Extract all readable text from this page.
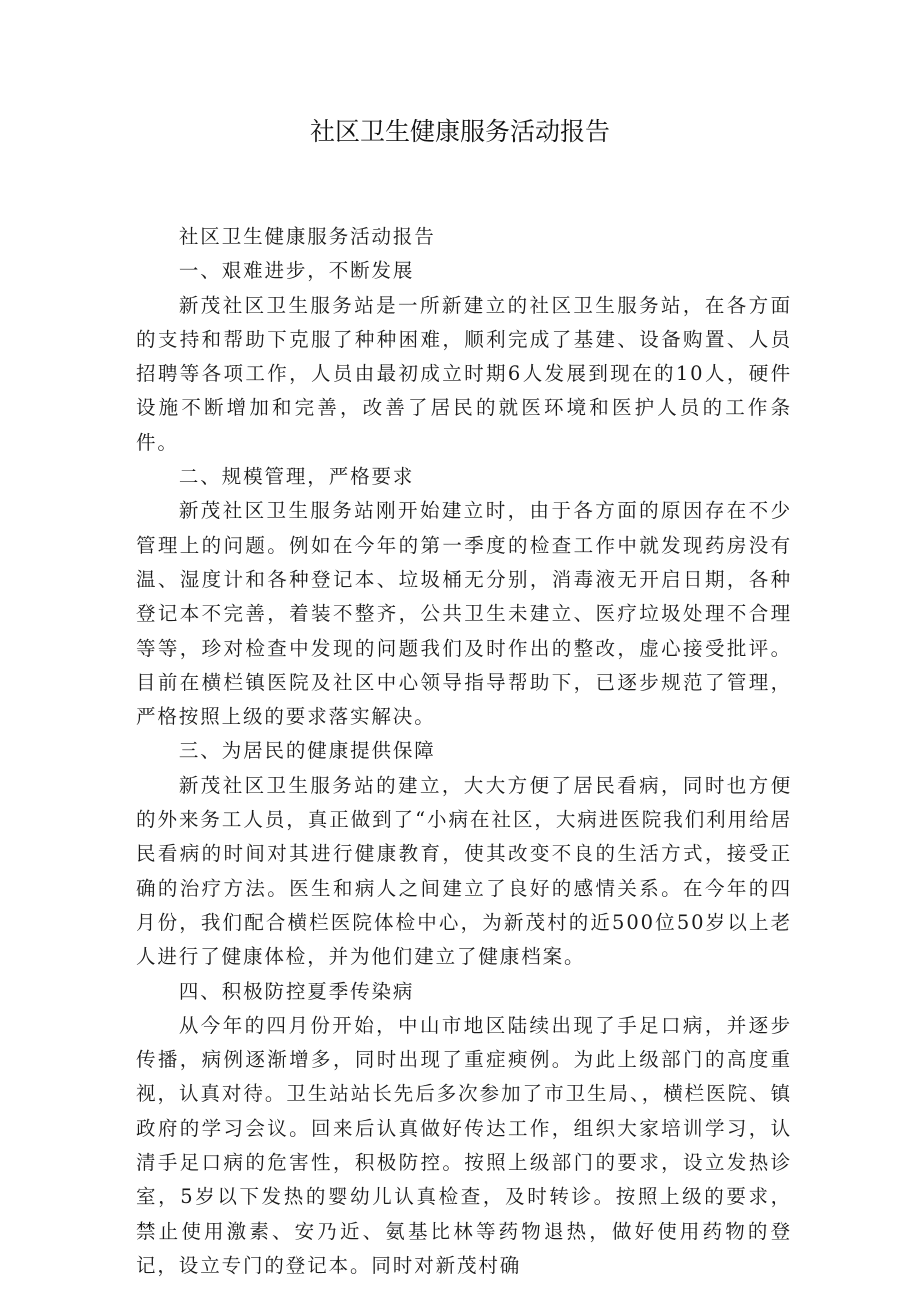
社区卫生健康服务活动报告

社区卫生健康服务活动报告

一、艰难进步，不断发展

新茂社区卫生服务站是一所新建立的社区卫生服务站，在各方面的支持和帮助下克服了种种困难，顺利完成了基建、设备购置、人员招聘等各项工作，人员由最初成立时期6人发展到现在的10人，硬件设施不断增加和完善，改善了居民的就医环境和医护人员的工作条件。

二、规模管理，严格要求

新茂社区卫生服务站刚开始建立时，由于各方面的原因存在不少管理上的问题。例如在今年的第一季度的检查工作中就发现药房没有温、湿度计和各种登记本、垃圾桶无分别，消毒液无开启日期，各种登记本不完善，着装不整齐，公共卫生未建立、医疗垃圾处理不合理等等，珍对检查中发现的问题我们及时作出的整改，虚心接受批评。目前在横栏镇医院及社区中心领导指导帮助下，已逐步规范了管理，严格按照上级的要求落实解决。

三、为居民的健康提供保障

新茂社区卫生服务站的建立，大大方便了居民看病，同时也方便的外来务工人员，真正做到了“小病在社区，大病进医院我们利用给居民看病的时间对其进行健康教育，使其改变不良的生活方式，接受正确的治疗方法。医生和病人之间建立了良好的感情关系。在今年的四月份，我们配合横栏医院体检中心，为新茂村的近500位50岁以上老人进行了健康体检，并为他们建立了健康档案。

四、积极防控夏季传染病

从今年的四月份开始，中山市地区陆续出现了手足口病，并逐步传播，病例逐渐增多，同时出现了重症瘐例。为此上级部门的高度重视，认真对待。卫生站站长先后多次参加了市卫生局、，横栏医院、镇政府的学习会议。回来后认真做好传达工作，组织大家培训学习，认清手足口病的危害性，积极防控。按照上级部门的要求，设立发热诊室，5岁以下发热的婴幼儿认真检查，及时转诊。按照上级的要求，禁止使用激素、安乃近、氨基比林等药物退热，做好使用药物的登记，设立专门的登记本。同时对新茂村确
